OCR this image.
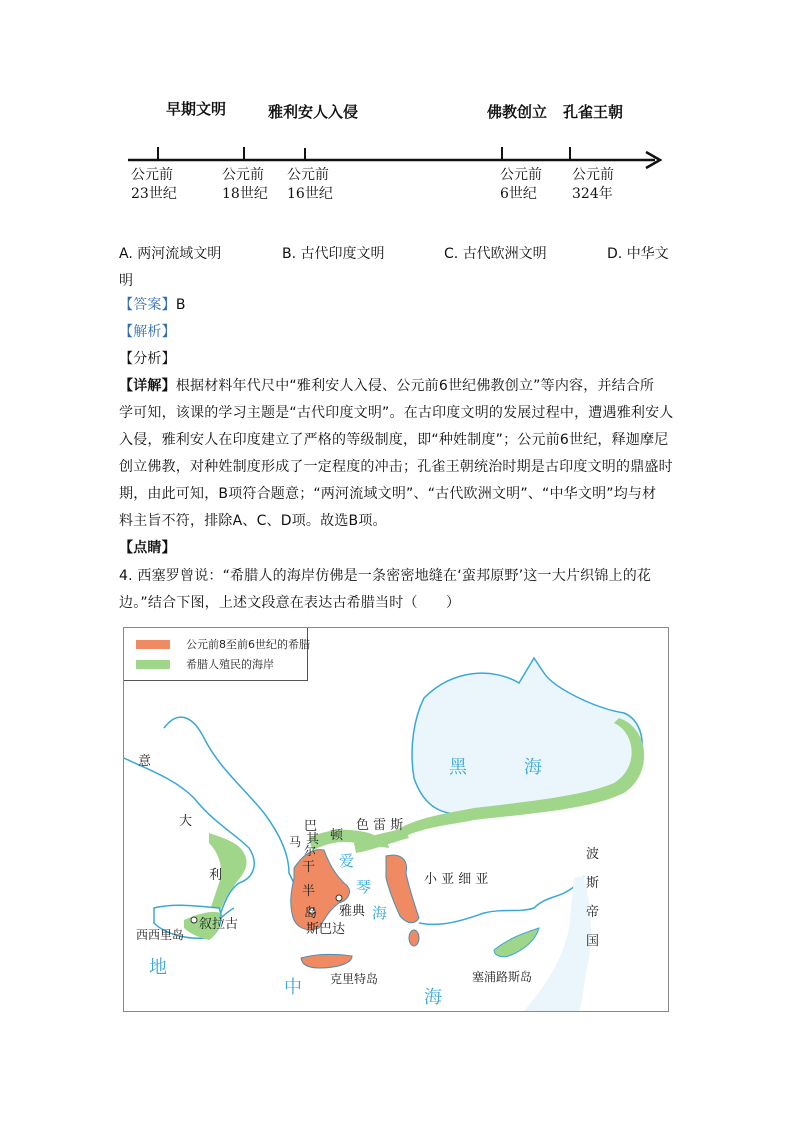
早期文明	雅利安人入侵	佛教创立 孔雀王朝
公元前
23世纪
公元前
18世纪
公元前
16世纪
公元前
6世纪
公元前
324年
A. 两河流域文明	B. 古代印度文明	C. 古代欧洲文明	D. 中华文
明
【答案】B
【解析】
【分析】
【详解】根据材料年代尺中“雅利安人入侵、公元前6世纪佛教创立”等内容，并结合所
学可知，该课的学习主题是“古代印度文明”。在古印度文明的发展过程中，遭遇雅利安人
入侵，雅利安人在印度建立了严格的等级制度，即“种姓制度”；公元前6世纪，释迦摩尼
创立佛教，对种姓制度形成了一定程度的冲击；孔雀王朝统治时期是古印度文明的鼎盛时
期，由此可知，B项符合题意；“两河流域文明”、“古代欧洲文明”、“中华文明”均与材
料主旨不符，排除A、C、D项。故选B项。
【点睛】
4. 西塞罗曾说：“希腊人的海岸仿佛是一条密密地缝在‘蛮邦原野’这一大片织锦上的花
边。”结合下图，上述文段意在表达古希腊当时（　　）
公元前8至前6世纪的希腊
希腊人殖民的海岸
意
大
利
叙拉古
西西里岛
巴
其 顿
马
尔
色 雷 斯
干
半
岛 雅典
斯巴达
克里特岛
小 亚 细 亚
波
斯
帝
国
塞浦路斯岛
黑	海
爱
琴
海
地
中	海
